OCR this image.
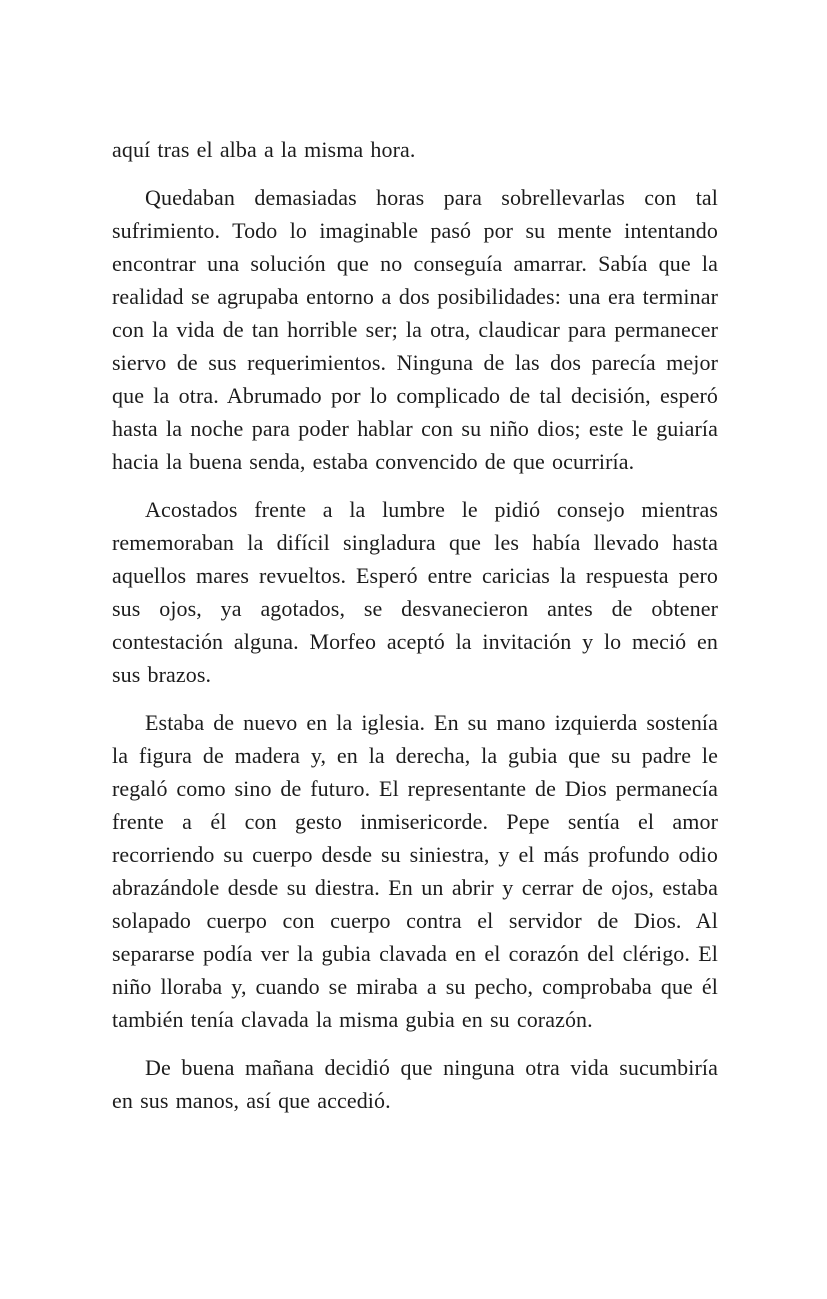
aquí tras el alba a la misma hora.

Quedaban demasiadas horas para sobrellevarlas con tal sufrimiento. Todo lo imaginable pasó por su mente intentando encontrar una solución que no conseguía amarrar. Sabía que la realidad se agrupaba entorno a dos posibilidades: una era terminar con la vida de tan horrible ser; la otra, claudicar para permanecer siervo de sus requerimientos. Ninguna de las dos parecía mejor que la otra. Abrumado por lo complicado de tal decisión, esperó hasta la noche para poder hablar con su niño dios; este le guiaría hacia la buena senda, estaba convencido de que ocurriría.

Acostados frente a la lumbre le pidió consejo mientras rememoraban la difícil singladura que les había llevado hasta aquellos mares revueltos. Esperó entre caricias la respuesta pero sus ojos, ya agotados, se desvanecieron antes de obtener contestación alguna. Morfeo aceptó la invitación y lo meció en sus brazos.

Estaba de nuevo en la iglesia. En su mano izquierda sostenía la figura de madera y, en la derecha, la gubia que su padre le regaló como sino de futuro. El representante de Dios permanecía frente a él con gesto inmisericorde. Pepe sentía el amor recorriendo su cuerpo desde su siniestra, y el más profundo odio abrazándole desde su diestra. En un abrir y cerrar de ojos, estaba solapado cuerpo con cuerpo contra el servidor de Dios. Al separarse podía ver la gubia clavada en el corazón del clérigo. El niño lloraba y, cuando se miraba a su pecho, comprobaba que él también tenía clavada la misma gubia en su corazón.

De buena mañana decidió que ninguna otra vida sucumbiría en sus manos, así que accedió.
